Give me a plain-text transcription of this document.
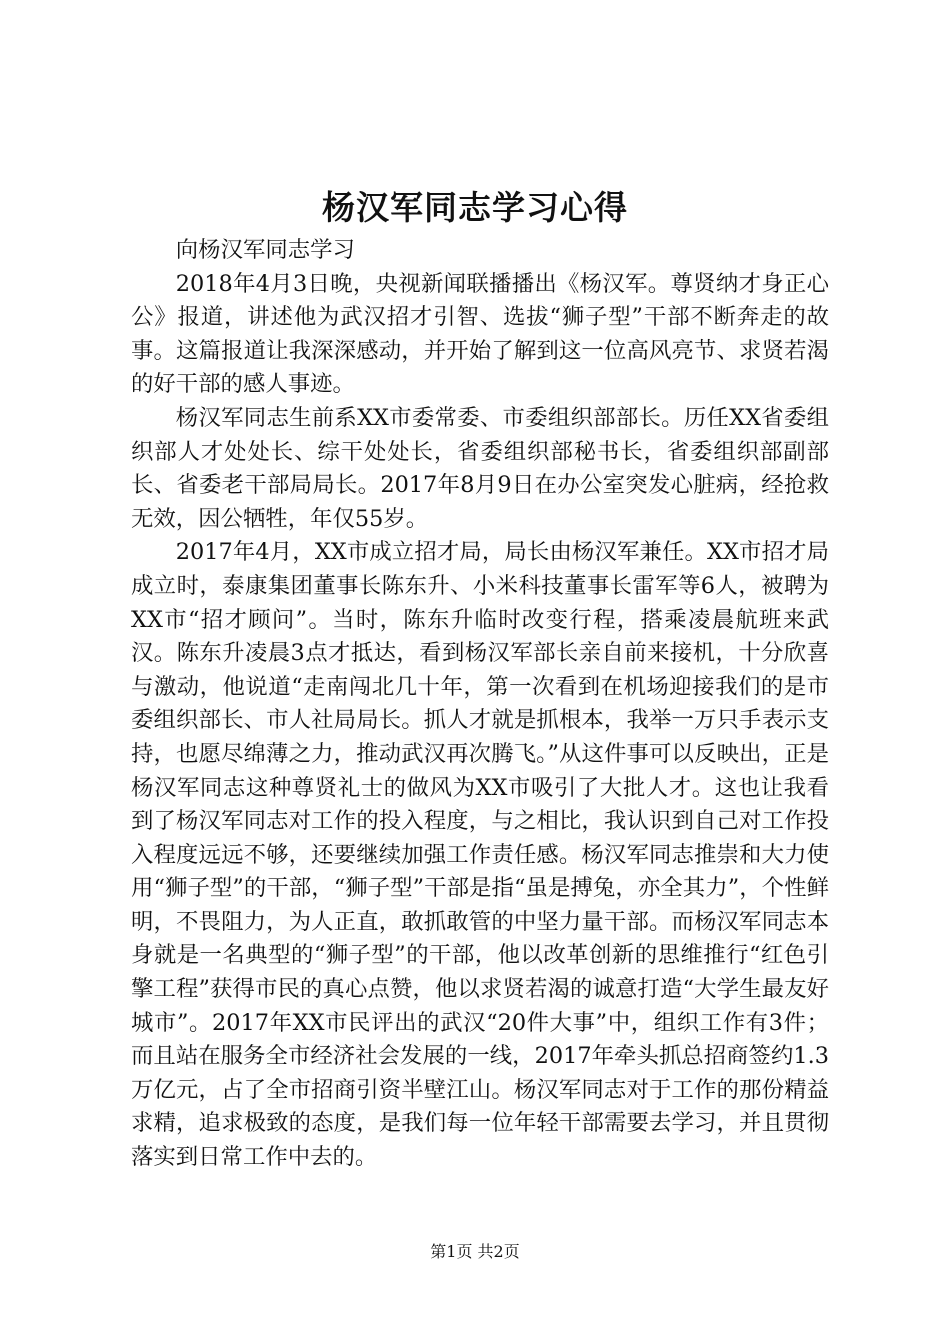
杨汉军同志学习心得

向杨汉军同志学习

2018年4月3日晚，央视新闻联播播出《杨汉军。尊贤纳才身正心公》报道，讲述他为武汉招才引智、选拔“狮子型”干部不断奔走的故事。这篇报道让我深深感动，并开始了解到这一位高风亮节、求贤若渴的好干部的感人事迹。

杨汉军同志生前系XX市委常委、市委组织部部长。历任XX省委组织部人才处处长、综干处处长，省委组织部秘书长，省委组织部副部长、省委老干部局局长。2017年8月9日在办公室突发心脏病，经抢救无效，因公牺牲，年仅55岁。

2017年4月，XX市成立招才局，局长由杨汉军兼任。XX市招才局成立时，泰康集团董事长陈东升、小米科技董事长雷军等6人，被聘为XX市“招才顾问”。当时，陈东升临时改变行程，搭乘凌晨航班来武汉。陈东升凌晨3点才抵达，看到杨汉军部长亲自前来接机，十分欣喜与激动，他说道“走南闯北几十年，第一次看到在机场迎接我们的是市委组织部长、市人社局局长。抓人才就是抓根本，我举一万只手表示支持，也愿尽绵薄之力，推动武汉再次腾飞。”从这件事可以反映出，正是杨汉军同志这种尊贤礼士的做风为XX市吸引了大批人才。这也让我看到了杨汉军同志对工作的投入程度，与之相比，我认识到自己对工作投入程度远远不够，还要继续加强工作责任感。杨汉军同志推崇和大力使用“狮子型”的干部，“狮子型”干部是指“虽是搏兔，亦全其力”，个性鲜明，不畏阻力，为人正直，敢抓敢管的中坚力量干部。而杨汉军同志本身就是一名典型的“狮子型”的干部，他以改革创新的思维推行“红色引擎工程”获得市民的真心点赞，他以求贤若渴的诚意打造“大学生最友好城市”。2017年XX市民评出的武汉“20件大事”中，组织工作有3件；而且站在服务全市经济社会发展的一线，2017年牵头抓总招商签约1.3万亿元，占了全市招商引资半壁江山。杨汉军同志对于工作的那份精益求精，追求极致的态度，是我们每一位年轻干部需要去学习，并且贯彻落实到日常工作中去的。

第1页 共2页
